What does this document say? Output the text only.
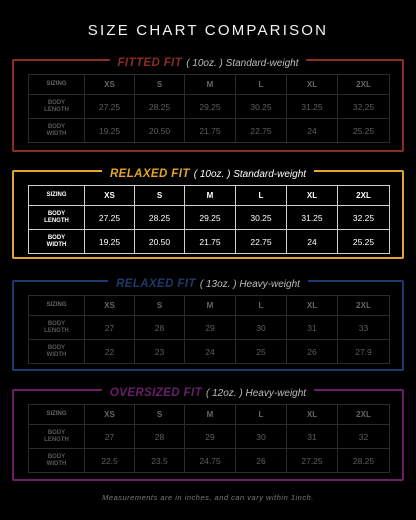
SIZE CHART COMPARISON
FITTED FIT ( 10oz. ) Standard-weight
SIZING	XS	S	M	L	XL	2XL

BODY
LENGTH	27.25	28.25	29.25	30.25	31.25	32.25

BODY
WIDTH	19.25	20.50	21.75	22.75	24	25.25
RELAXED FIT ( 10oz. ) Standard-weight
SIZING	XS	S	M	L	XL	2XL

BODY
LENGTH	27.25	28.25	29.25	30.25	31.25	32.25

BODY
WIDTH	19.25	20.50	21.75	22.75	24	25.25
RELAXED FIT ( 13oz. ) Heavy-weight
SIZING	XS	S	M	L	XL	2XL

BODY
LENGTH	27	28	29	30	31	33

BODY
WIDTH	22	23	24	25	26	27.9
OVERSIZED FIT ( 12oz. ) Heavy-weight
SIZING	XS	S	M	L	XL	2XL

BODY
LENGTH	27	28	29	30	31	32

BODY
WIDTH	22.5	23.5	24.75	26	27.25	28.25
Measurements are in inches, and can vary within 1inch.
